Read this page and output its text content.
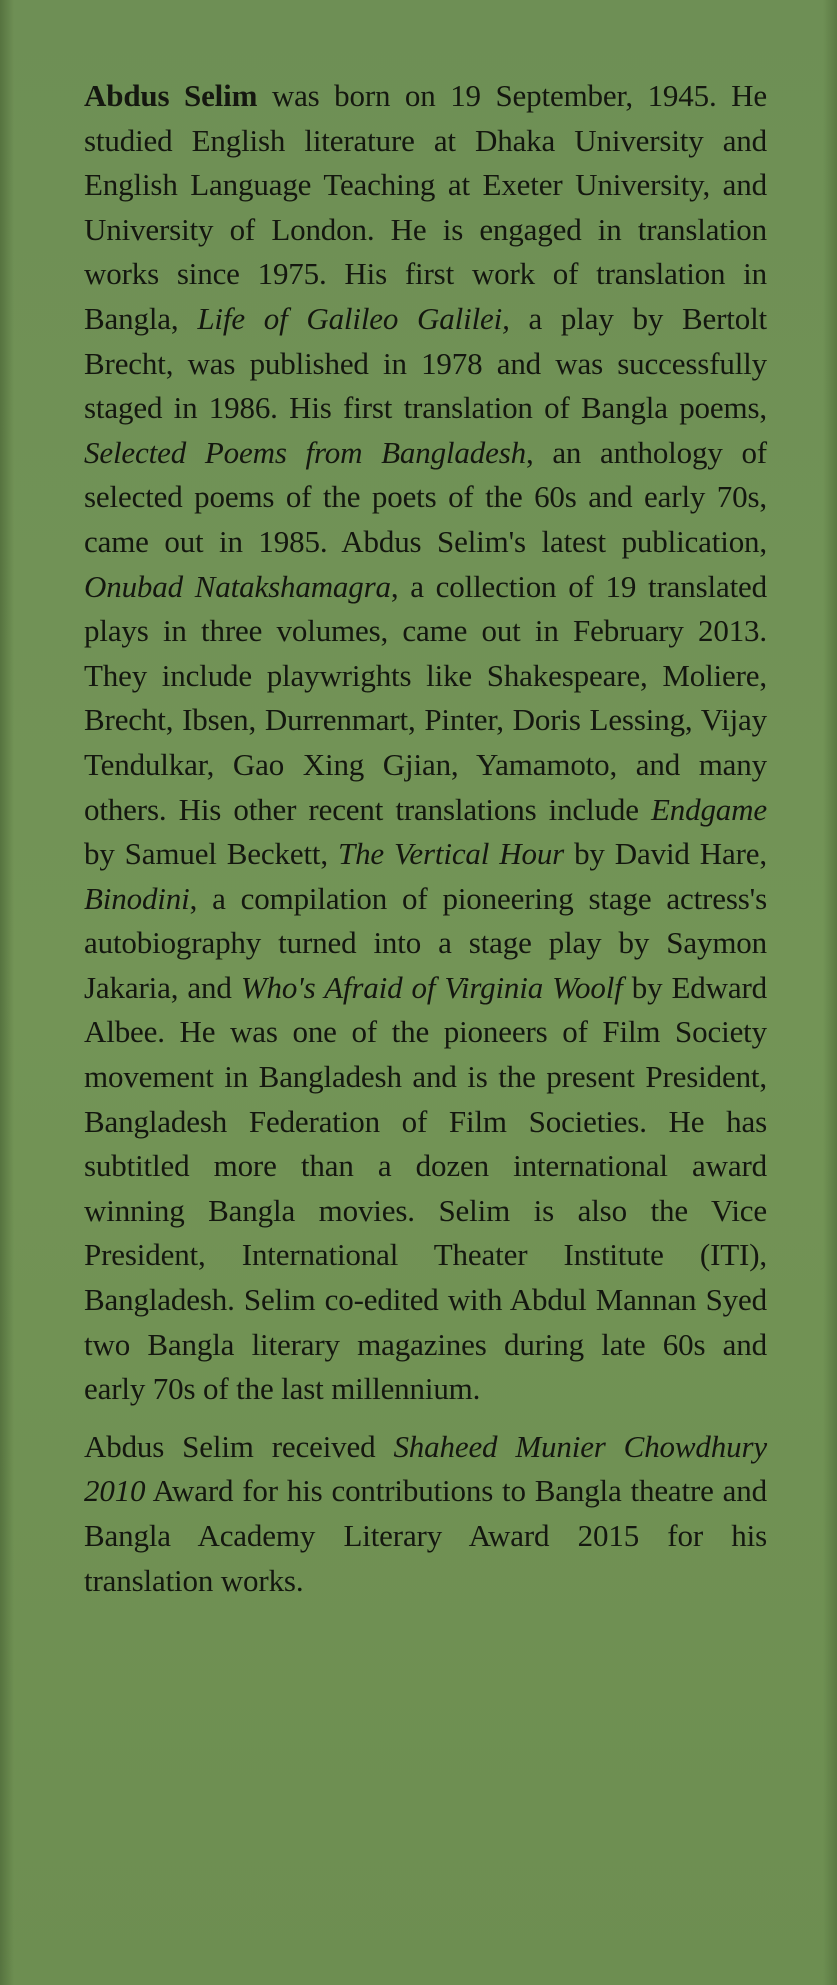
Abdus Selim was born on 19 September, 1945. He studied English literature at Dhaka University and English Language Teaching at Exeter University, and University of London. He is engaged in translation works since 1975. His first work of translation in Bangla, Life of Galileo Galilei, a play by Bertolt Brecht, was published in 1978 and was successfully staged in 1986. His first translation of Bangla poems, Selected Poems from Bangladesh, an anthology of selected poems of the poets of the 60s and early 70s, came out in 1985. Abdus Selim's latest publication, Onubad Natakshamagra, a collection of 19 translated plays in three volumes, came out in February 2013. They include playwrights like Shakespeare, Moliere, Brecht, Ibsen, Durrenmart, Pinter, Doris Lessing, Vijay Tendulkar, Gao Xing Gjian, Yamamoto, and many others. His other recent translations include Endgame by Samuel Beckett, The Vertical Hour by David Hare, Binodini, a compilation of pioneering stage actress's autobiography turned into a stage play by Saymon Jakaria, and Who's Afraid of Virginia Woolf by Edward Albee. He was one of the pioneers of Film Society movement in Bangladesh and is the present President, Bangladesh Federation of Film Societies. He has subtitled more than a dozen international award winning Bangla movies. Selim is also the Vice President, International Theater Institute (ITI), Bangladesh. Selim co-edited with Abdul Mannan Syed two Bangla literary magazines during late 60s and early 70s of the last millennium.

Abdus Selim received Shaheed Munier Chowdhury 2010 Award for his contributions to Bangla theatre and Bangla Academy Literary Award 2015 for his translation works.
